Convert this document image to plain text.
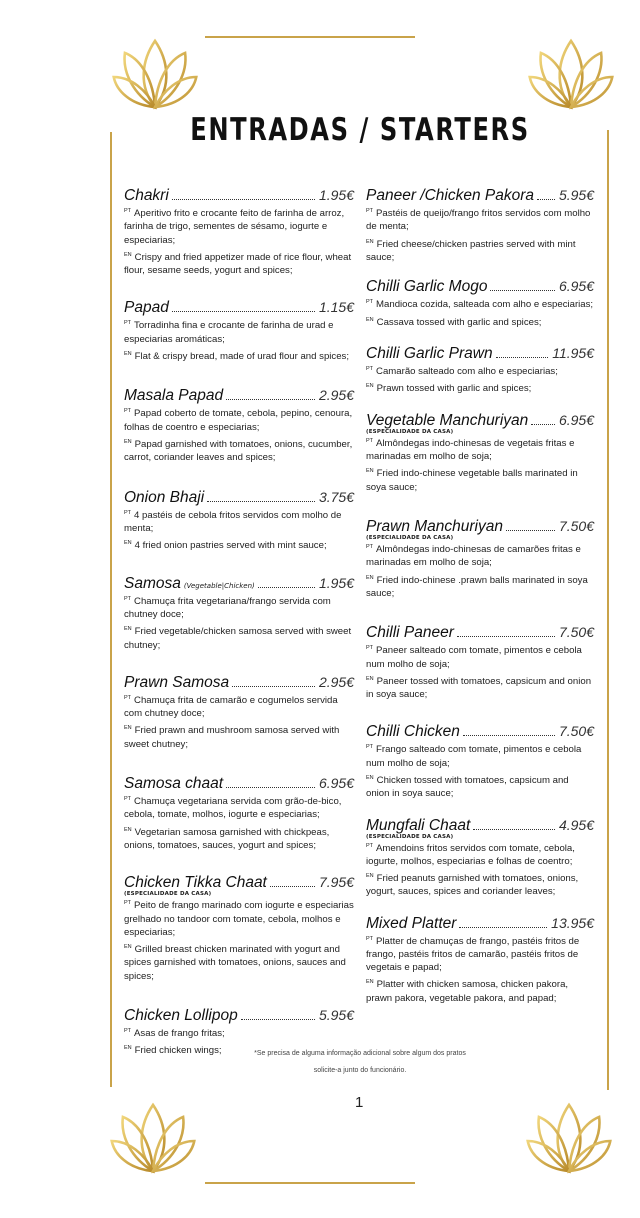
ENTRADAS / STARTERS
Chakri	1.95€
$^{PT}$ Aperitivo frito e crocante feito de farinha de arroz, farinha de trigo, sementes de sésamo, iogurte e especiarias;
$^{EN}$ Crispy and fried appetizer made of rice flour, wheat flour, sesame seeds, yogurt and spices;
Papad	1.15€
$^{PT}$ Torradinha fina e crocante de farinha de urad e especiarias aromáticas;
$^{EN}$ Flat & crispy bread, made of urad flour and spices;
Masala Papad	2.95€
$^{PT}$ Papad coberto de tomate, cebola, pepino, cenoura, folhas de coentro e especiarias;
$^{EN}$ Papad garnished with tomatoes, onions, cucumber, carrot, coriander leaves and spices;
Onion Bhaji	3.75€
$^{PT}$ 4 pastéis de cebola fritos servidos com molho de menta;
$^{EN}$ 4 fried onion pastries served with mint sauce;
Samosa (Vegetable|Chicken)	1.95€
$^{PT}$ Chamuça frita vegetariana/frango servida com chutney doce;
$^{EN}$ Fried vegetable/chicken samosa served with sweet chutney;
Prawn Samosa	2.95€
$^{PT}$ Chamuça frita de camarão e cogumelos servida com chutney doce;
$^{EN}$ Fried prawn and mushroom samosa served with sweet chutney;
Samosa chaat	6.95€
$^{PT}$ Chamuça vegetariana servida com grão-de-bico, cebola, tomate, molhos, iogurte e especiarias;
$^{EN}$ Vegetarian samosa garnished with chickpeas, onions, tomatoes, sauces, yogurt and spices;
Chicken Tikka Chaat	7.95€
(ESPECIALIDADE DA CASA)
$^{PT}$ Peito de frango marinado com iogurte e especiarias grelhado no tandoor com tomate, cebola, molhos e especiarias;
$^{EN}$ Grilled breast chicken marinated with yogurt and spices garnished with tomatoes, onions, sauces and spices;
Chicken Lollipop	5.95€
$^{PT}$ Asas de frango fritas;
$^{EN}$ Fried chicken wings;
Paneer /Chicken Pakora 5.95€
$^{PT}$ Pastéis de queijo/frango fritos servidos com molho de menta;
$^{EN}$ Fried cheese/chicken pastries served with mint sauce;
Chilli Garlic Mogo	6.95€
$^{PT}$ Mandioca cozida, salteada com alho e especiarias;
$^{EN}$ Cassava tossed with garlic and spices;
Chilli Garlic Prawn	11.95€
$^{PT}$ Camarão salteado com alho e especiarias;
$^{EN}$ Prawn tossed with garlic and spices;
Vegetable Manchuriyan 6.95€
(ESPECIALIDADE DA CASA)
$^{PT}$ Almôndegas indo-chinesas de vegetais fritas e marinadas em molho de soja;
$^{EN}$ Fried indo-chinese vegetable balls marinated in soya sauce;
Prawn Manchuriyan	7.50€
(ESPECIALIDADE DA CASA)
$^{PT}$ Almôndegas indo-chinesas de camarões fritas e marinadas em molho de soja;
$^{EN}$ Fried indo-chinese .prawn balls marinated in soya sauce;
Chilli Paneer	7.50€
$^{PT}$ Paneer salteado com tomate, pimentos e cebola num molho de soja;
$^{EN}$ Paneer tossed with tomatoes, capsicum and onion in soya sauce;
Chilli Chicken	7.50€
$^{PT}$ Frango salteado com tomate, pimentos e cebola num molho de soja;
$^{EN}$ Chicken tossed with tomatoes, capsicum and onion in soya sauce;
Mungfali Chaat	4.95€
(ESPECIALIDADE DA CASA)
$^{PT}$ Amendoins fritos servidos com tomate, cebola, iogurte, molhos, especiarias e folhas de coentro;
$^{EN}$ Fried peanuts garnished with tomatoes, onions, yogurt, sauces, spices and coriander leaves;
Mixed Platter	13.95€
$^{PT}$ Platter de chamuças de frango, pastéis fritos de frango, pastéis fritos de camarão, pastéis fritos de vegetais e papad;
$^{EN}$ Platter with chicken samosa, chicken pakora, prawn pakora, vegetable pakora, and papad;
*Se precisa de alguma informação adicional sobre algum dos pratos
solicite-a junto do funcionário.
1
